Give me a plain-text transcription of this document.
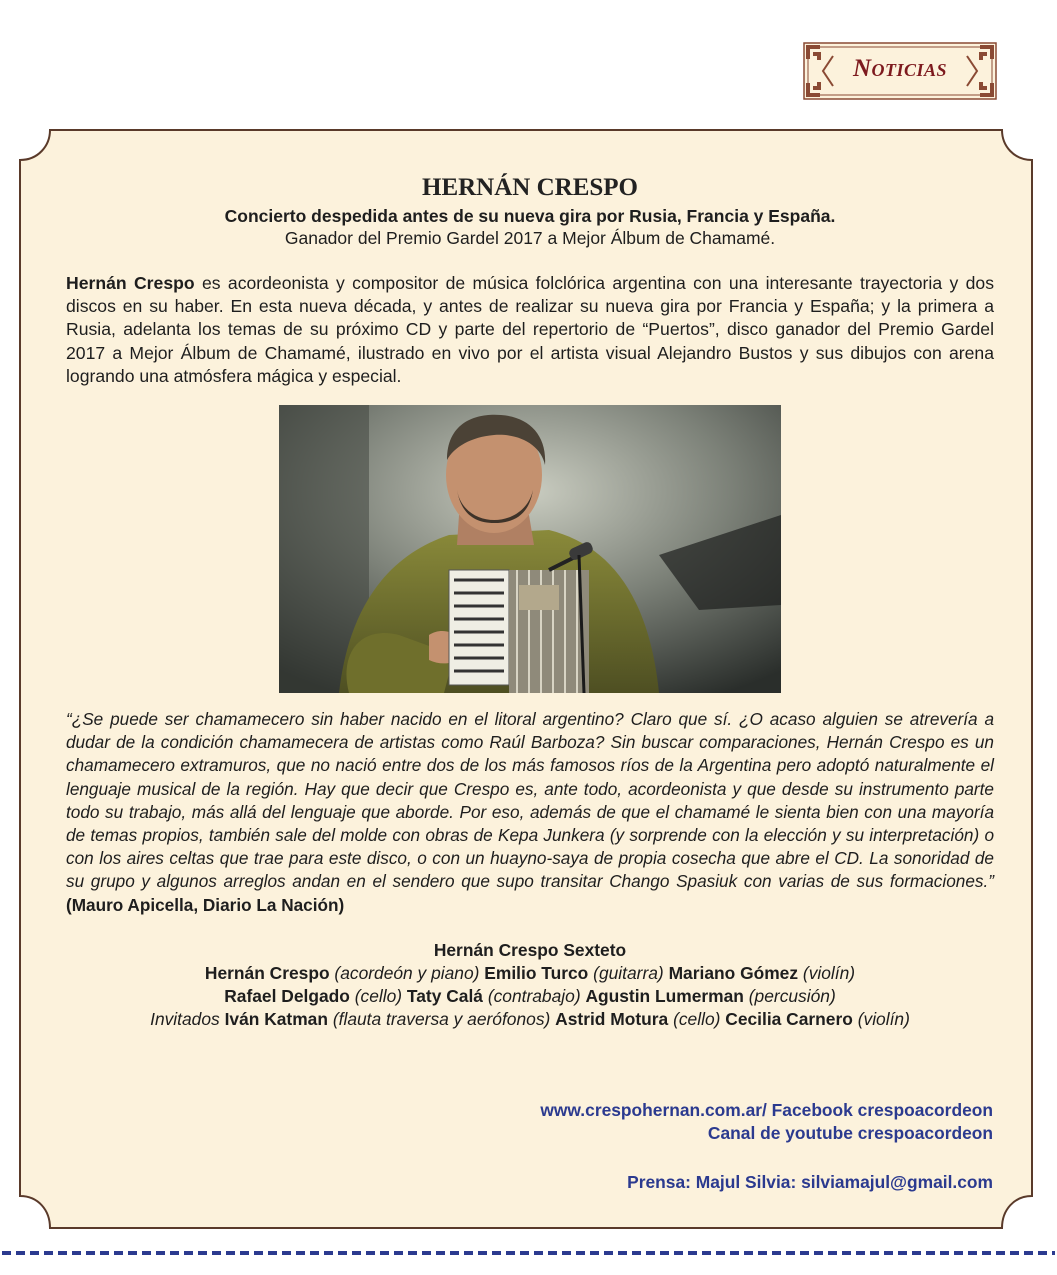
Noticias
HERNÁN CRESPO
Concierto despedida antes de su nueva gira por Rusia, Francia y España.
Ganador del Premio Gardel 2017 a Mejor Álbum de Chamamé.

Hernán Crespo es acordeonista y compositor de música folclórica argentina con una interesante trayectoria y dos discos en su haber. En esta nueva década, y antes de realizar su nueva gira por Francia y España; y la primera a Rusia, adelanta los temas de su próximo CD y parte del repertorio de “Puertos”, disco ganador del Premio Gardel 2017 a Mejor Álbum de Chamamé, ilustrado en vivo por el artista visual Alejandro Bustos y sus dibujos con arena logrando una atmósfera mágica y especial.

“¿Se puede ser chamamecero sin haber nacido en el litoral argentino? Claro que sí. ¿O acaso alguien se atrevería a dudar de la condición chamamecera de artistas como Raúl Barboza? Sin buscar comparaciones, Hernán Crespo es un chamamecero extramuros, que no nació entre dos de los más famosos ríos de la Argentina pero adoptó naturalmente el lenguaje musical de la región. Hay que decir que Crespo es, ante todo, acordeonista y que desde su instrumento parte todo su trabajo, más allá del lenguaje que aborde. Por eso, además de que el chamamé le sienta bien con una mayoría de temas propios, también sale del molde con obras de Kepa Junkera (y sorprende con la elección y su interpretación) o con los aires celtas que trae para este disco, o con un huayno-saya de propia cosecha que abre el CD. La sonoridad de su grupo y algunos arreglos andan en el sendero que supo transitar Chango Spasiuk con varias de sus formaciones.” (Mauro Apicella, Diario La Nación)

Hernán Crespo Sexteto
Hernán Crespo (acordeón y piano) Emilio Turco (guitarra) Mariano Gómez (violín)
Rafael Delgado (cello) Taty Calá (contrabajo) Agustin Lumerman (percusión)
Invitados Iván Katman (flauta traversa y aerófonos) Astrid Motura (cello) Cecilia Carnero (violín)
www.crespohernan.com.ar/ Facebook crespoacordeon
Canal de youtube crespoacordeon
Prensa: Majul Silvia: silviamajul@gmail.com
